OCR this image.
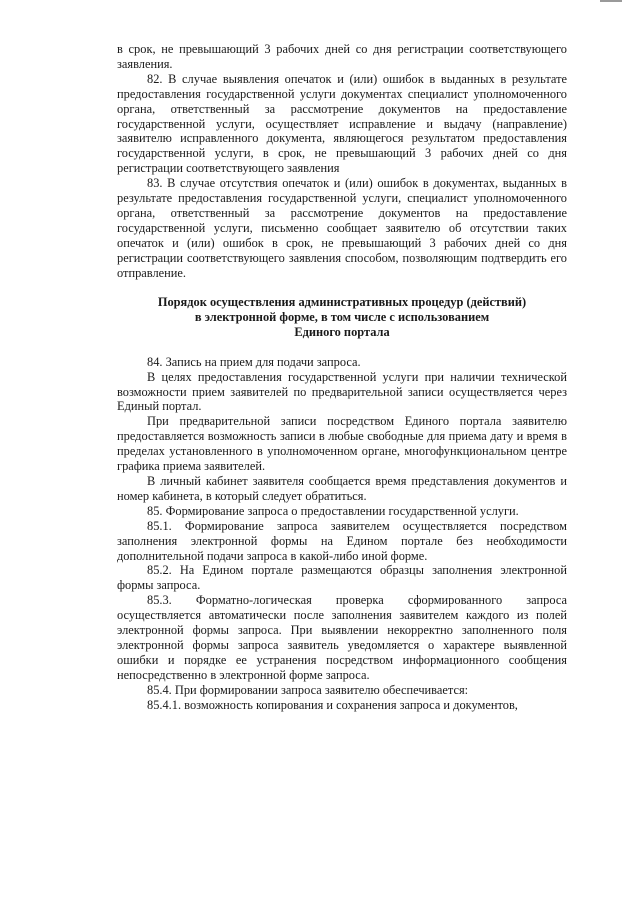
в срок, не превышающий 3 рабочих дней со дня регистрации соответствующего заявления.

82. В случае выявления опечаток и (или) ошибок в выданных в результате предоставления государственной услуги документах специалист уполномоченного органа, ответственный за рассмотрение документов на предоставление государственной услуги, осуществляет исправление и выдачу (направление) заявителю исправленного документа, являющегося результатом предоставления государственной услуги, в срок, не превышающий 3 рабочих дней со дня регистрации соответствующего заявления

83. В случае отсутствия опечаток и (или) ошибок в документах, выданных в результате предоставления государственной услуги, специалист уполномоченного органа, ответственный за рассмотрение документов на предоставление государственной услуги, письменно сообщает заявителю об отсутствии таких опечаток и (или) ошибок в срок, не превышающий 3 рабочих дней со дня регистрации соответствующего заявления способом, позволяющим подтвердить его отправление.

Порядок осуществления административных процедур (действий)
в электронной форме, в том числе с использованием
Единого портала

84. Запись на прием для подачи запроса.

В целях предоставления государственной услуги при наличии технической возможности прием заявителей по предварительной записи осуществляется через Единый портал.

При предварительной записи посредством Единого портала заявителю предоставляется возможность записи в любые свободные для приема дату и время в пределах установленного в уполномоченном органе, многофункциональном центре графика приема заявителей.

В личный кабинет заявителя сообщается время представления документов и номер кабинета, в который следует обратиться.

85. Формирование запроса о предоставлении государственной услуги.

85.1. Формирование запроса заявителем осуществляется посредством заполнения электронной формы на Едином портале без необходимости дополнительной подачи запроса в какой-либо иной форме.

85.2. На Едином портале размещаются образцы заполнения электронной формы запроса.

85.3. Форматно-логическая проверка сформированного запроса осуществляется автоматически после заполнения заявителем каждого из полей электронной формы запроса. При выявлении некорректно заполненного поля электронной формы запроса заявитель уведомляется о характере выявленной ошибки и порядке ее устранения посредством информационного сообщения непосредственно в электронной форме запроса.

85.4. При формировании запроса заявителю обеспечивается:

85.4.1. возможность копирования и сохранения запроса и документов,
